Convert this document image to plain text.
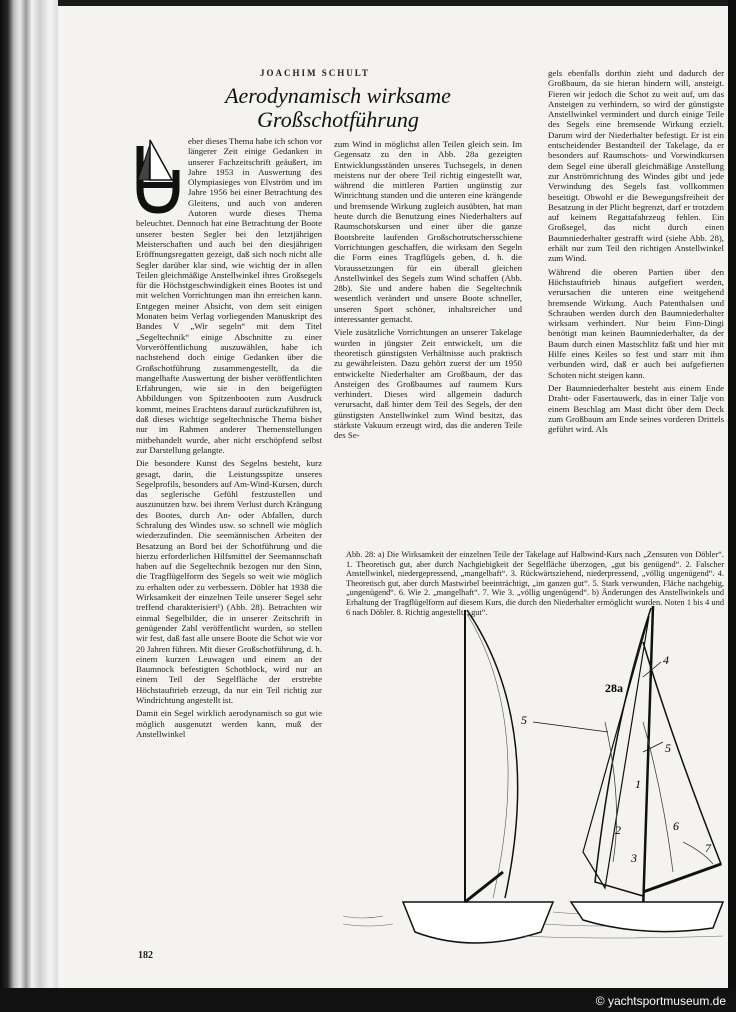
JOACHIM SCHULT
Aerodynamisch wirksame
Großschotführung

eber dieses Thema habe ich schon vor längerer Zeit einige Gedanken in unserer Fachzeitschrift geäußert, im Jahre 1953 in Auswertung des Olympiasieges von Elvström und im Jahre 1956 bei einer Betrachtung des Gleitens, und auch von anderen Autoren wurde dieses Thema beleuchtet. Dennoch hat eine Betrachtung der Boote unserer besten Segler bei den letztjährigen Meisterschaften und auch bei den diesjährigen Eröffnungsregatten gezeigt, daß sich noch nicht alle Segler darüber klar sind, wie wichtig der in allen Teilen gleichmäßige Anstellwinkel ihres Großsegels für die Höchstgeschwindigkeit eines Bootes ist und mit welchen Vorrichtungen man ihn erreichen kann. Entgegen meiner Absicht, von dem seit einigen Monaten beim Verlag vorliegenden Manuskript des Bandes V „Wir segeln“ mit dem Titel „Segeltechnik“ einige Abschnitte zu einer Vorveröffentlichung auszuwählen, habe ich nachstehend doch einige Gedanken über die Großschotführung zusammengestellt, da die mangelhafte Auswertung der bisher veröffentlichten Erfahrungen, wie sie in den beigefügten Abbildungen von Spitzenbooten zum Ausdruck kommt, meines Erachtens darauf zurückzuführen ist, daß dieses wichtige segeltechnische Thema bisher nur im Rahmen anderer Themenstellungen mitbehandelt wurde, aber nicht erschöpfend selbst zur Darstellung gelangte.

Die besondere Kunst des Segelns besteht, kurz gesagt, darin, die Leistungsspitze unseres Segelprofils, besonders auf Am-Wind-Kursen, durch das seglerische Gefühl festzustellen und auszunutzen bzw. bei ihrem Verlust durch Krängung des Bootes, durch An- oder Abfallen, durch Schralung des Windes usw. so schnell wie möglich wiederzufinden. Die seemännischen Arbeiten der Besatzung an Bord bei der Schotführung und die hierzu erforderlichen Hilfsmittel der Seemannschaft haben auf die Segeltechnik bezogen nur den Sinn, die Tragflügelform des Segels so weit wie möglich zu erhalten oder zu verbessern. Döbler hat 1938 die Wirksamkeit der einzelnen Teile unserer Segel sehr treffend charakterisiert¹) (Abb. 28). Betrachten wir einmal Segelbilder, die in unserer Zeitschrift in genügender Zahl veröffentlicht wurden, so stellen wir fest, daß fast alle unsere Boote die Schot wie vor 20 Jahren führen. Mit dieser Großschotführung, d. h. einem kurzen Leuwagen und einem an der Baumnock befestigten Schotblock, wird nur an einem Teil der Segelfläche der erstrebte Höchstauftrieb erzeugt, da nur ein Teil richtig zur Windrichtung angestellt ist.

Damit ein Segel wirklich aerodynamisch so gut wie möglich ausgenutzt werden kann, muß der Anstellwinkel

zum Wind in möglichst allen Teilen gleich sein. Im Gegensatz zu den in Abb. 28a gezeigten Entwicklungsständen unseres Tuchsegels, in denen meistens nur der obere Teil richtig eingestellt war, während die mittleren Partien ungünstig zur Winrichtung standen und die unteren eine krängende und bremsende Wirkung zugleich ausübten, hat man heute durch die Benutzung eines Niederhalters auf Raumschotskursen und einer über die ganze Bootsbreite laufenden Großschotrutschersschiene Vorrichtungen geschaffen, die wirksam den Segeln die Form eines Tragflügels geben, d. h. die Voraussetzungen für ein überall gleichen Anstellwinkel des Segels zum Wind schaffen (Abb. 28b). Sie und andere haben die Segeltechnik wesentlich verändert und unsere Boote schneller, unseren Sport schöner, inhaltsreicher und interessanter gemacht.

Viele zusätzliche Vorrichtungen an unserer Takelage wurden in jüngster Zeit entwickelt, um die theoretisch günstigsten Verhältnisse auch praktisch zu gewährleisten. Dazu gehört zuerst der um 1950 entwickelte Niederhalter am Großbaum, der das Ansteigen des Großbaumes auf raumem Kurs verhindert. Dieses wird allgemein dadurch verursacht, daß hinter dem Teil des Segels, der den günstigsten Anstellwinkel zum Wind besitzt, das stärkste Vakuum erzeugt wird, das die anderen Teile des Se-

gels ebenfalls dorthin zieht und dadurch der Großbaum, da sie hieran hindern will, ansteigt. Fieren wir jedoch die Schot zu weit auf, um das Ansteigen zu verhindern, so wird der günstigste Anstellwinkel vermindert und durch einige Teile des Segels eine bremsende Wirkung erzielt. Darum wird der Niederhalter befestigt. Er ist ein entscheidender Bestandteil der Takelage, da er besonders auf Raumschots- und Vorwindkursen dem Segel eine überall gleichmäßige Anstellung zur Anströmrichtung des Windes gibt und jede Verwindung des Segels fast vollkommen beseitigt. Obwohl er die Bewegungsfreiheit der Besatzung in der Plicht begrenzt, darf er trotzdem auf keinem Regattafahrzeug fehlen. Ein Großsegel, das nicht durch einen Baumniederhalter gestrafft wird (siehe Abb. 28), erhält nur zum Teil den richtigen Anstellwinkel zum Wind.

Während die oberen Partien über den Höchstauftrieb hinaus aufgefiert werden, verursachen die unteren eine weitgehend bremsende Wirkung. Auch Patenthalsen und Schrauben werden durch den Baumniederhalter wirksam verhindert. Nur beim Finn-Dingi benötigt man keinen Baumniederhalter, da der Baum durch einen Mastschlitz faßt und hier mit Hilfe eines Keiles so fest und starr mit ihm verbunden wird, daß er auch bei aufgefierten Schoten nicht steigen kann.

Der Baumniederhalter besteht aus einem Ende Draht- oder Fasertauwerk, das in einer Talje von einem Beschlag am Mast dicht über dem Deck zum Großbaum am Ende seines vorderen Drittels geführt wird. Als

Abb. 28: a) Die Wirksamkeit der einzelnen Teile der Takelage auf Halbwind-Kurs nach „Zensuren von Döbler“. 1. Theoretisch gut, aber durch Nachgiebigkeit der Segelfläche überzogen, „gut bis genügend“. 2. Falscher Anstellwinkel, niedergepressend, „mangelhaft“. 3. Rückwärtsziehend, niederpressend, „völlig ungenügend“. 4. Theoretisch gut, aber durch Mastwirbel beeinträchtigt, „im ganzen gut“. 5. Stark verwunden, Fläche nachgebig, „ungenügend“. 6. Wie 2. „mangelhaft“. 7. Wie 3. „völlig ungenügend“. b) Änderungen des Anstellwinkels und Erhaltung der Tragflügelform auf diesem Kurs, die durch den Niederhalter ermöglicht wurden. Noten 1 bis 4 und 6 nach Döbler. 8. Richtig angestellt, „gut“.
28a
4
5
5
1
2
3
6
7
182
© yachtsportmuseum.de
